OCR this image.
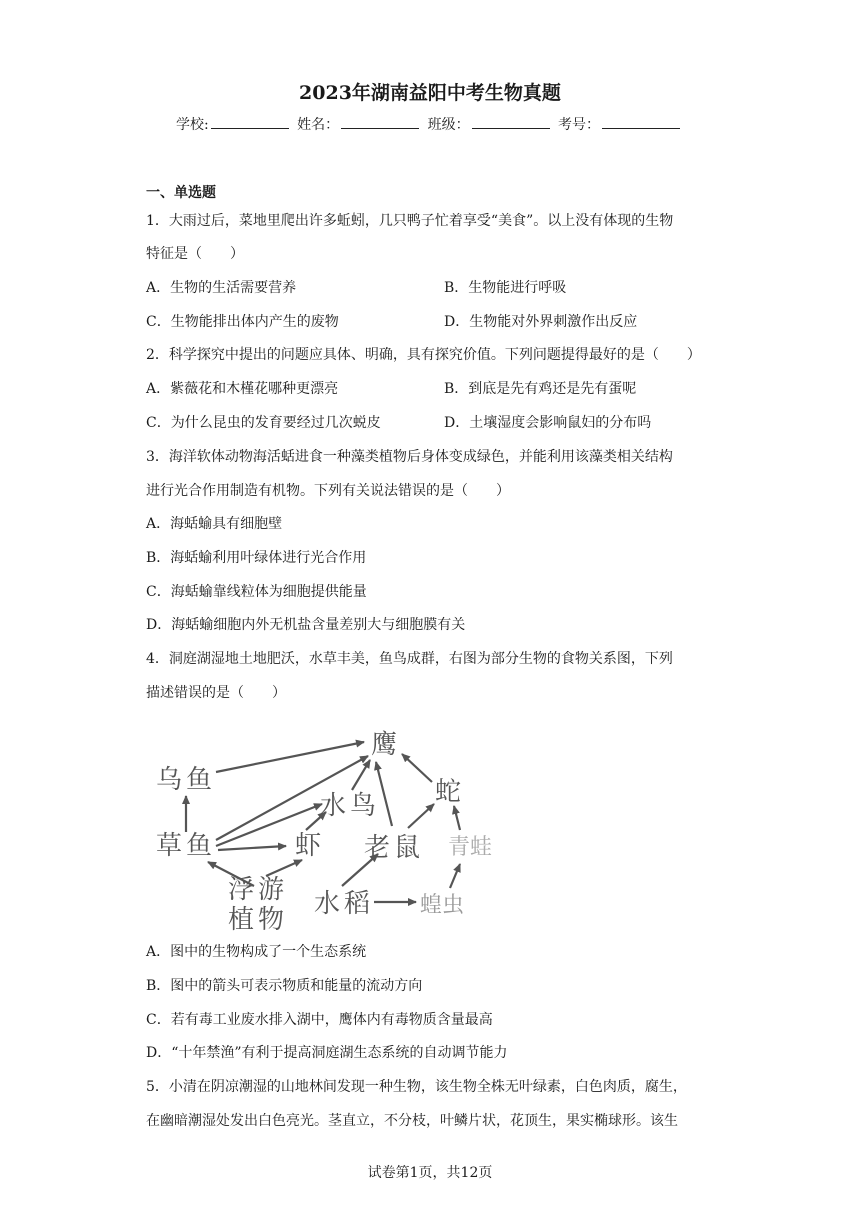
2023年湖南益阳中考生物真题
学校:	姓名：	班级：	考号：
一、单选题
1．大雨过后，菜地里爬出许多蚯蚓，几只鸭子忙着享受“美食”。以上没有体现的生物
特征是（　　）
A．生物的生活需要营养	B．生物能进行呼吸
C．生物能排出体内产生的废物	D．生物能对外界刺激作出反应
2．科学探究中提出的问题应具体、明确，具有探究价值。下列问题提得最好的是（　　）
A．紫薇花和木槿花哪种更漂亮	B．到底是先有鸡还是先有蛋呢
C．为什么昆虫的发育要经过几次蜕皮	D．土壤湿度会影响鼠妇的分布吗
3．海洋软体动物海活蛞进食一种藻类植物后身体变成绿色，并能利用该藻类相关结构
进行光合作用制造有机物。下列有关说法错误的是（　　）
A．海蛞蝓具有细胞壁
B．海蛞蝓利用叶绿体进行光合作用
C．海蛞蝓靠线粒体为细胞提供能量
D．海蛞蝓细胞内外无机盐含量差别大与细胞膜有关
4．洞庭湖湿地土地肥沃，水草丰美，鱼鸟成群，右图为部分生物的食物关系图，下列
描述错误的是（　　）
鹰
乌鱼
水鸟 蛇
草鱼	虾 老鼠 青蛙
浮游
植物
水稻 蝗虫
A．图中的生物构成了一个生态系统
B．图中的箭头可表示物质和能量的流动方向
C．若有毒工业废水排入湖中，鹰体内有毒物质含量最高
D．“十年禁渔”有利于提高洞庭湖生态系统的自动调节能力
5．小清在阴凉潮湿的山地林间发现一种生物，该生物全株无叶绿素，白色肉质，腐生，
在幽暗潮湿处发出白色亮光。茎直立，不分枝，叶鳞片状，花顶生，果实椭球形。该生
试卷第1页，共12页
